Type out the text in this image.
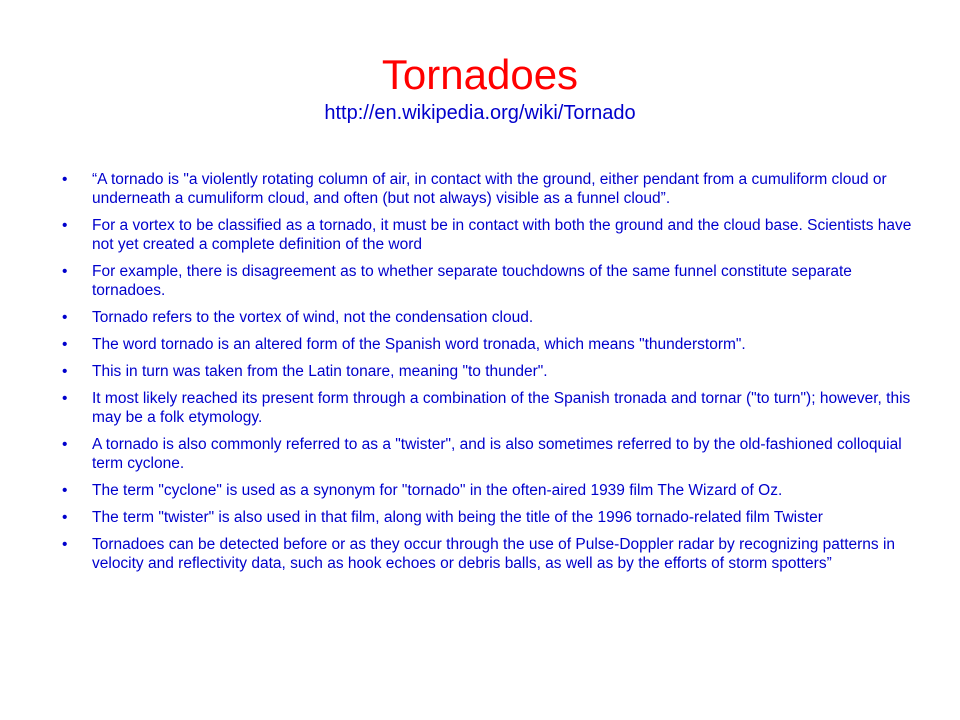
Tornadoes
http://en.wikipedia.org/wiki/Tornado
•	“A tornado is "a violently rotating column of air, in contact with the ground, either pendant from a cumuliform cloud or underneath a cumuliform cloud, and often (but not always) visible as a funnel cloud”.
•	For a vortex to be classified as a tornado, it must be in contact with both the ground and the cloud base. Scientists have not yet created a complete definition of the word
•	For example, there is disagreement as to whether separate touchdowns of the same funnel constitute separate tornadoes.
•	Tornado refers to the vortex of wind, not the condensation cloud.
•	The word tornado is an altered form of the Spanish word tronada, which means "thunderstorm".
•	This in turn was taken from the Latin tonare, meaning "to thunder".
•	It most likely reached its present form through a combination of the Spanish tronada and tornar ("to turn"); however, this may be a folk etymology.
•	A tornado is also commonly referred to as a "twister", and is also sometimes referred to by the old-fashioned colloquial term cyclone.
•	The term "cyclone" is used as a synonym for "tornado" in the often-aired 1939 film The Wizard of Oz.
•	The term "twister" is also used in that film, along with being the title of the 1996 tornado-related film Twister
•	Tornadoes can be detected before or as they occur through the use of Pulse-Doppler radar by recognizing patterns in velocity and reflectivity data, such as hook echoes or debris balls, as well as by the efforts of storm spotters”
